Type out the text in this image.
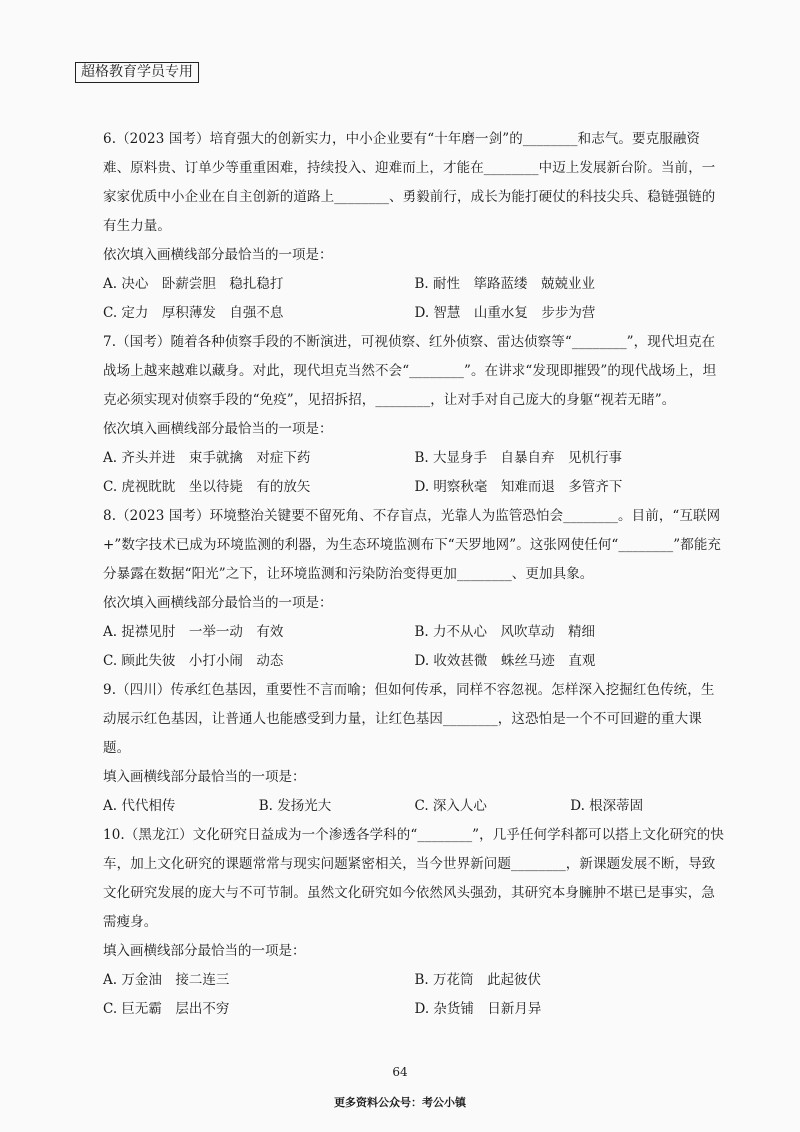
超格教育学员专用

6.（2023 国考）培育强大的创新实力，中小企业要有“十年磨一剑”的________和志气。要克服融资难、原料贵、订单少等重重困难，持续投入、迎难而上，才能在________中迈上发展新台阶。当前，一家家优质中小企业在自主创新的道路上________、勇毅前行，成长为能打硬仗的科技尖兵、稳链强链的有生力量。

依次填入画横线部分最恰当的一项是：

A. 决心　卧薪尝胆　稳扎稳打	B. 耐性　筚路蓝缕　兢兢业业
C. 定力　厚积薄发　自强不息	D. 智慧　山重水复　步步为营

7.（国考）随着各种侦察手段的不断演进，可视侦察、红外侦察、雷达侦察等“________”，现代坦克在战场上越来越难以藏身。对此，现代坦克当然不会“________”。在讲求“发现即摧毁”的现代战场上，坦克必须实现对侦察手段的“免疫”，见招拆招，________，让对手对自己庞大的身躯“视若无睹”。

依次填入画横线部分最恰当的一项是：

A. 齐头并进　束手就擒　对症下药	B. 大显身手　自暴自弃　见机行事
C. 虎视眈眈　坐以待毙　有的放矢	D. 明察秋毫　知难而退　多管齐下

8.（2023 国考）环境整治关键要不留死角、不存盲点，光靠人为监管恐怕会________。目前，“互联网+”数字技术已成为环境监测的利器，为生态环境监测布下“天罗地网”。这张网使任何“________”都能充分暴露在数据“阳光”之下，让环境监测和污染防治变得更加________、更加具象。

依次填入画横线部分最恰当的一项是：

A. 捉襟见肘　一举一动　有效	B. 力不从心　风吹草动　精细
C. 顾此失彼　小打小闹　动态	D. 收效甚微　蛛丝马迹　直观

9.（四川）传承红色基因，重要性不言而喻；但如何传承，同样不容忽视。怎样深入挖掘红色传统，生动展示红色基因，让普通人也能感受到力量，让红色基因________，这恐怕是一个不可回避的重大课题。

填入画横线部分最恰当的一项是：

A. 代代相传	B. 发扬光大	C. 深入人心	D. 根深蒂固

10.（黑龙江）文化研究日益成为一个渗透各学科的“________”，几乎任何学科都可以搭上文化研究的快车，加上文化研究的课题常常与现实问题紧密相关，当今世界新问题________，新课题发展不断，导致文化研究发展的庞大与不可节制。虽然文化研究如今依然风头强劲，其研究本身臃肿不堪已是事实，急需瘦身。

填入画横线部分最恰当的一项是：

A. 万金油　接二连三	B. 万花筒　此起彼伏
C. 巨无霸　层出不穷	D. 杂货铺　日新月异
64
更多资料公众号：考公小镇
